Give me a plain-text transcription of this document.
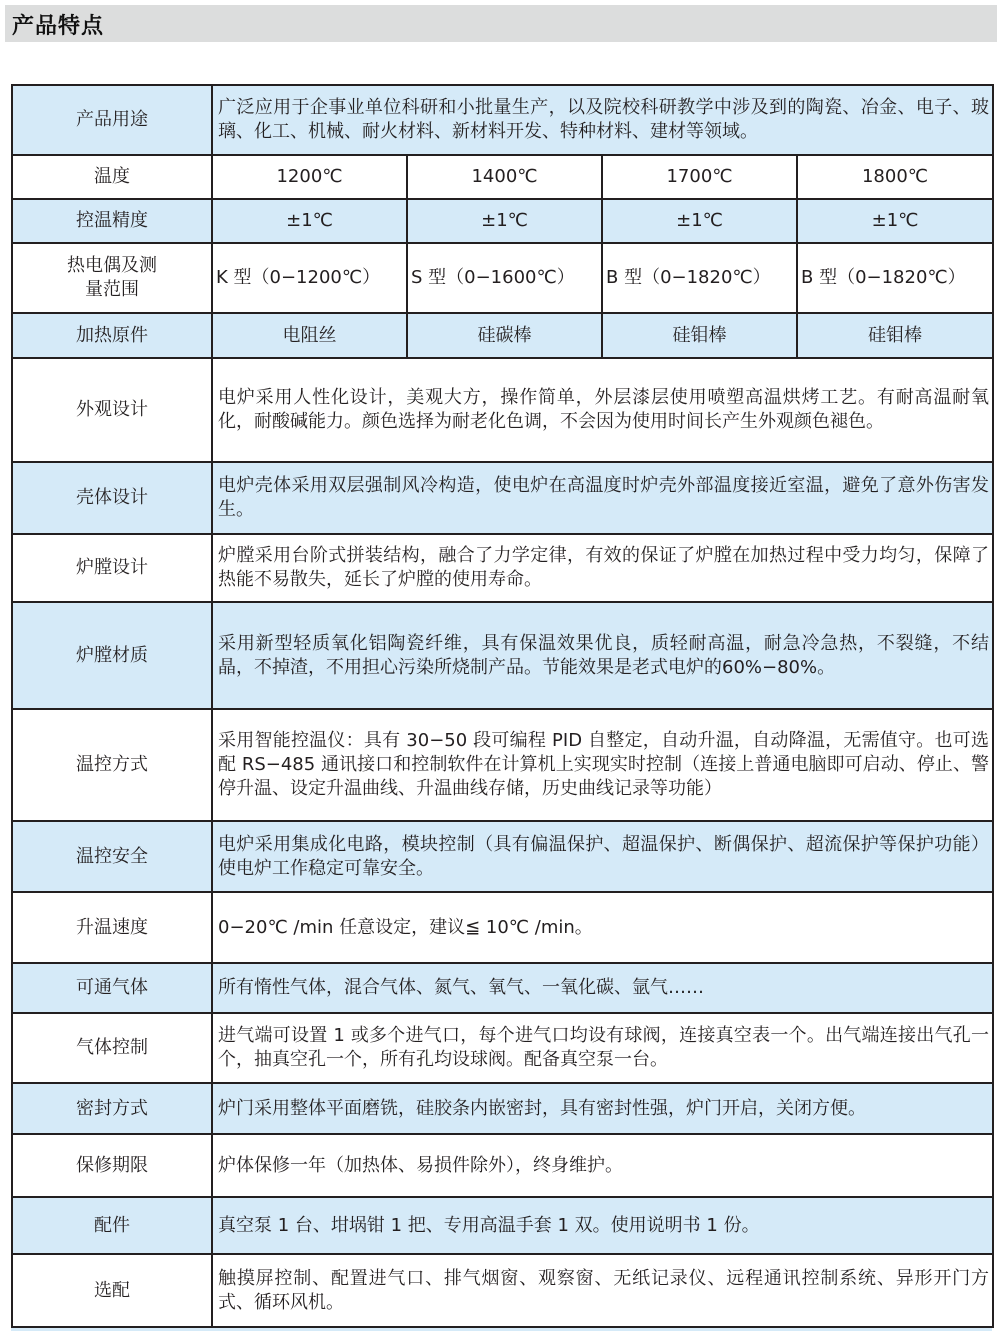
产品特点
产品用途	广泛应用于企事业单位科研和小批量生产，以及院校科研教学中涉及到的陶瓷、冶金、电子、玻璃、化工、机械、耐火材料、新材料开发、特种材料、建材等领域。			
温度	1200℃	1400℃	1700℃	1800℃
控温精度	±1℃	±1℃	±1℃	±1℃
热电偶及测量范围	K 型（0−1200℃）	S 型（0−1600℃）	B 型（0−1820℃）	B 型（0−1820℃）
加热原件	电阻丝	硅碳棒	硅钼棒	硅钼棒
外观设计	电炉采用人性化设计，美观大方，操作简单，外层漆层使用喷塑高温烘烤工艺。有耐高温耐氧化，耐酸碱能力。颜色选择为耐老化色调，不会因为使用时间长产生外观颜色褪色。			
壳体设计	电炉壳体采用双层强制风冷构造，使电炉在高温度时炉壳外部温度接近室温，避免了意外伤害发生。			
炉膛设计	炉膛采用台阶式拼装结构，融合了力学定律，有效的保证了炉膛在加热过程中受力均匀，保障了热能不易散失，延长了炉膛的使用寿命。			
炉膛材质	采用新型轻质氧化铝陶瓷纤维，具有保温效果优良，质轻耐高温，耐急冷急热，不裂缝，不结晶，不掉渣，不用担心污染所烧制产品。节能效果是老式电炉的60%−80%。			
温控方式	采用智能控温仪：具有 30−50 段可编程 PID 自整定，自动升温，自动降温，无需值守。也可选配 RS−485 通讯接口和控制软件在计算机上实现实时控制（连接上普通电脑即可启动、停止、警停升温、设定升温曲线、升温曲线存储，历史曲线记录等功能）			
温控安全	电炉采用集成化电路，模块控制（具有偏温保护、超温保护、断偶保护、超流保护等保护功能）使电炉工作稳定可靠安全。			
升温速度	0−20℃ /min 任意设定，建议≦ 10℃ /min。			
可通气体	所有惰性气体，混合气体、氮气、氧气、一氧化碳、氩气……			
气体控制	进气端可设置 1 或多个进气口，每个进气口均设有球阀，连接真空表一个。出气端连接出气孔一个，抽真空孔一个，所有孔均设球阀。配备真空泵一台。			
密封方式	炉门采用整体平面磨铣，硅胶条内嵌密封，具有密封性强，炉门开启，关闭方便。			
保修期限	炉体保修一年（加热体、易损件除外），终身维护。			
配件	真空泵 1 台、坩埚钳 1 把、专用高温手套 1 双。使用说明书 1 份。			
选配	触摸屏控制、配置进气口、排气烟窗、观察窗、无纸记录仪、远程通讯控制系统、异形开门方式、循环风机。			
